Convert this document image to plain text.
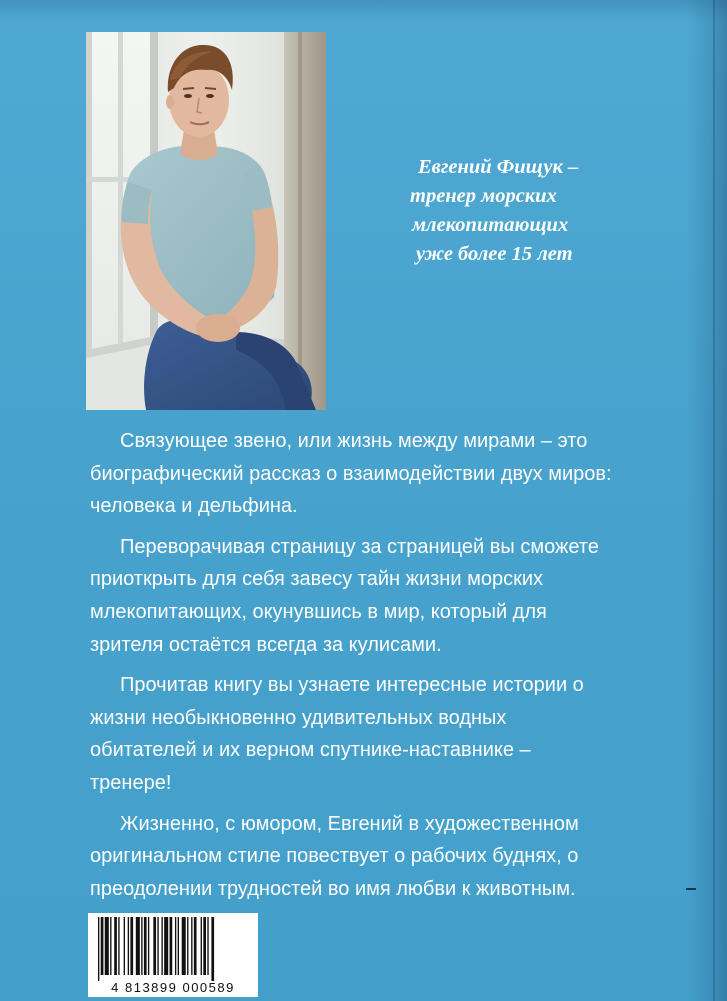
Евгений Фищук –
тренер морских
млекопитающих
уже более 15 лет
Связующее звено, или жизнь между мирами – это
биографический рассказ о взаимодействии двух миров:
человека и дельфина.
Переворачивая страницу за страницей вы сможете
приоткрыть для себя завесу тайн жизни морских
млекопитающих, окунувшись в мир, который для
зрителя остаётся всегда за кулисами.
Прочитав книгу вы узнаете интересные истории о
жизни необыкновенно удивительных водных
обитателей и их верном спутнике-наставнике –
тренере!
Жизненно, с юмором, Евгений в художественном
оригинальном стиле повествует о рабочих буднях, о
преодолении трудностей во имя любви к животным.
4 813899 000589
